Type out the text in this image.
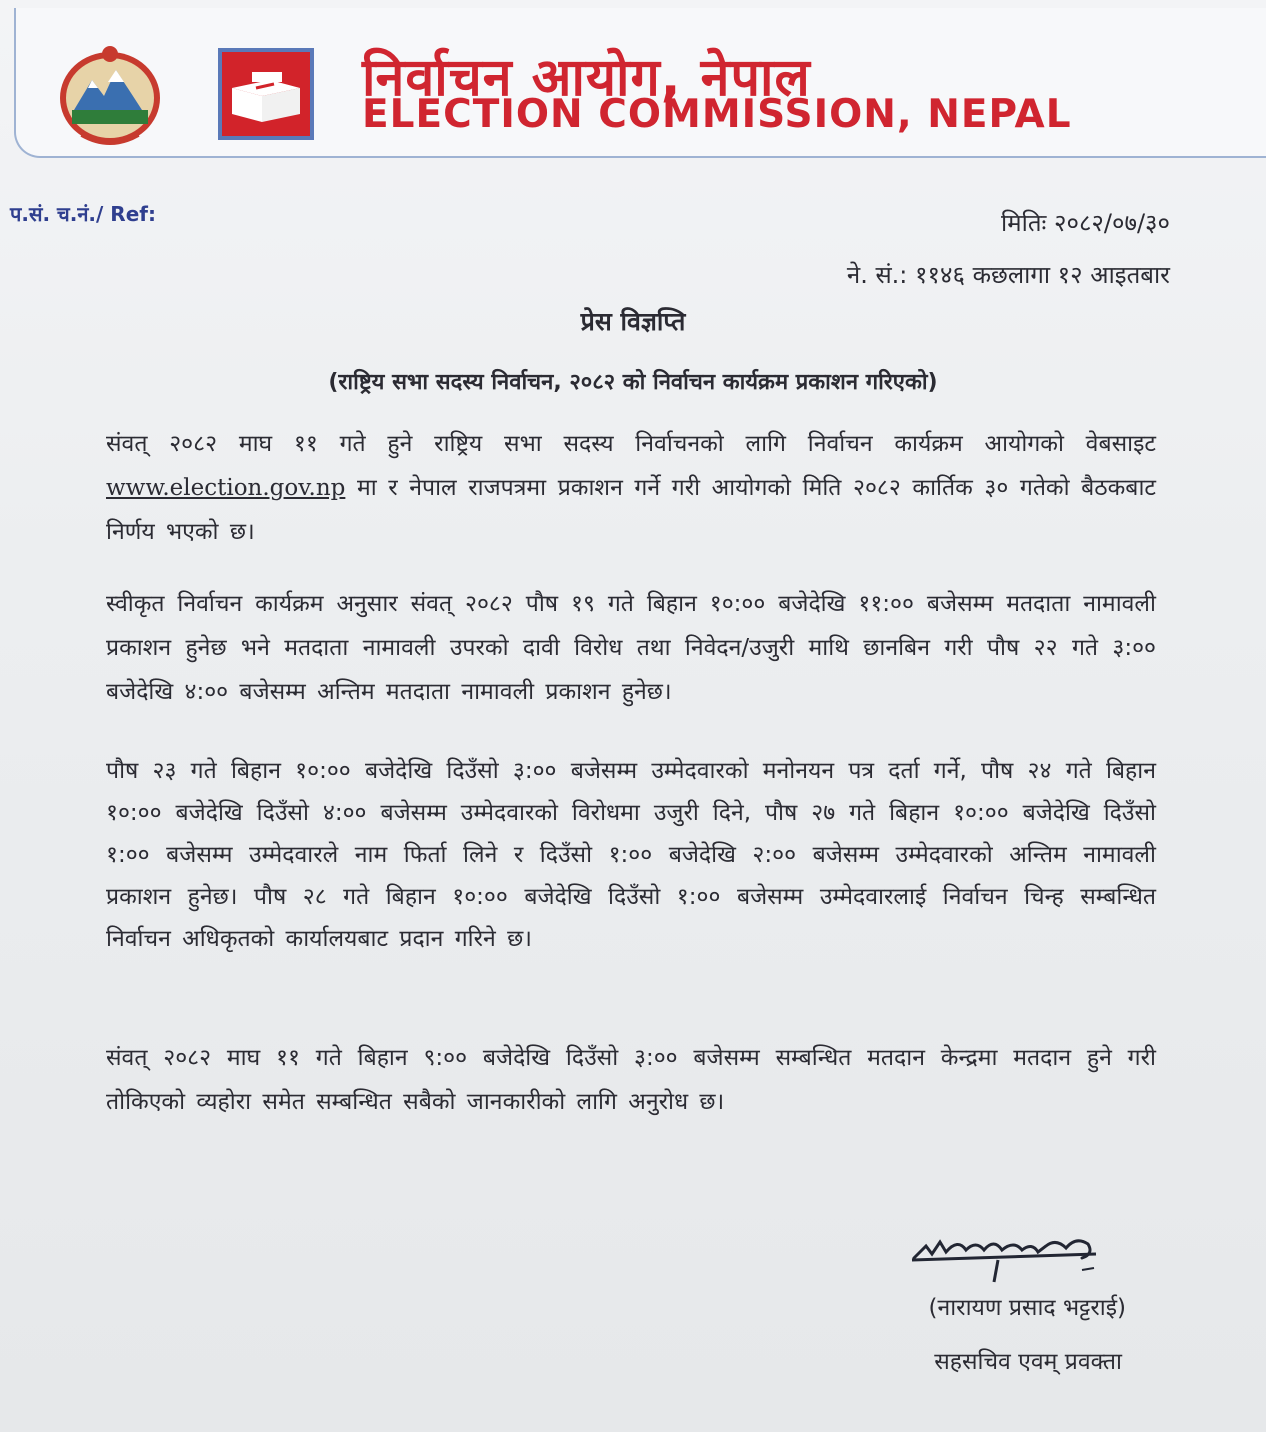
निर्वाचन आयोग, नेपाल
ELECTION COMMISSION, NEPAL
प.सं. च.नं./ Ref:	मितिः २०८२/०७/३०
ने. सं.: ११४६ कछलागा १२ आइतबार
प्रेस विज्ञप्ति
(राष्ट्रिय सभा सदस्य निर्वाचन, २०८२ को निर्वाचन कार्यक्रम प्रकाशन गरिएको)
संवत् २०८२ माघ ११ गते हुने राष्ट्रिय सभा सदस्य निर्वाचनको लागि निर्वाचन कार्यक्रम आयोगको वेबसाइट www.election.gov.np मा र नेपाल राजपत्रमा प्रकाशन गर्ने गरी आयोगको मिति २०८२ कार्तिक ३० गतेको बैठकबाट निर्णय भएको छ।
स्वीकृत निर्वाचन कार्यक्रम अनुसार संवत् २०८२ पौष १९ गते बिहान १०:०० बजेदेखि ११:०० बजेसम्म मतदाता नामावली प्रकाशन हुनेछ भने मतदाता नामावली उपरको दावी विरोध तथा निवेदन/उजुरी माथि छानबिन गरी पौष २२ गते ३:०० बजेदेखि ४:०० बजेसम्म अन्तिम मतदाता नामावली प्रकाशन हुनेछ।
पौष २३ गते बिहान १०:०० बजेदेखि दिउँसो ३:०० बजेसम्म उम्मेदवारको मनोनयन पत्र दर्ता गर्ने, पौष २४ गते बिहान १०:०० बजेदेखि दिउँसो ४:०० बजेसम्म उम्मेदवारको विरोधमा उजुरी दिने, पौष २७ गते बिहान १०:०० बजेदेखि दिउँसो १:०० बजेसम्म उम्मेदवारले नाम फिर्ता लिने र दिउँसो १:०० बजेदेखि २:०० बजेसम्म उम्मेदवारको अन्तिम नामावली प्रकाशन हुनेछ। पौष २८ गते बिहान १०:०० बजेदेखि दिउँसो १:०० बजेसम्म उम्मेदवारलाई निर्वाचन चिन्ह सम्बन्धित निर्वाचन अधिकृतको कार्यालयबाट प्रदान गरिने छ।
संवत् २०८२ माघ ११ गते बिहान ९:०० बजेदेखि दिउँसो ३:०० बजेसम्म सम्बन्धित मतदान केन्द्रमा मतदान हुने गरी तोकिएको व्यहोरा समेत सम्बन्धित सबैको जानकारीको लागि अनुरोध छ।
(नारायण प्रसाद भट्टराई)
सहसचिव एवम् प्रवक्ता
